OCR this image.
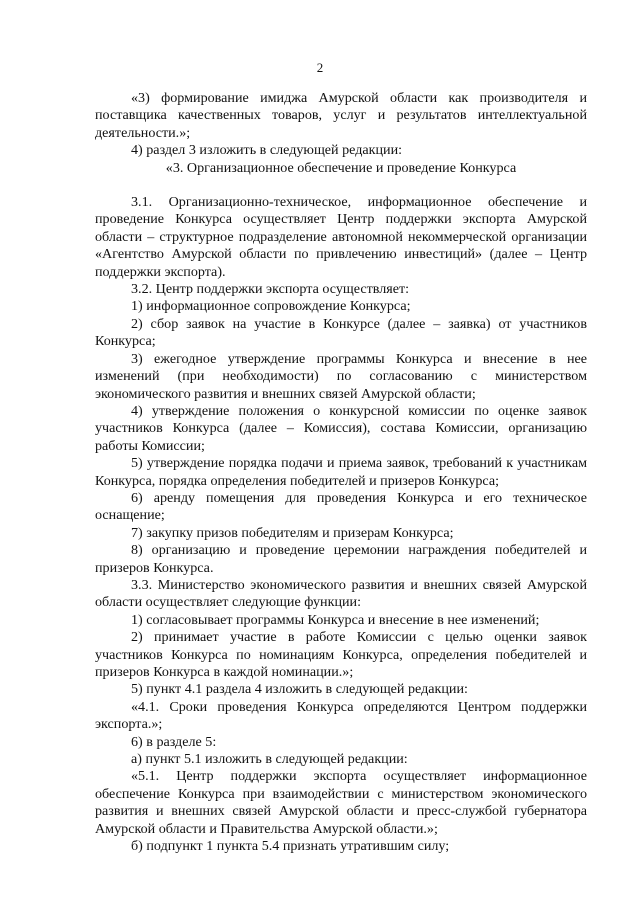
2

«3) формирование имиджа Амурской области как производителя и поставщика качественных товаров, услуг и результатов интеллектуальной деятельности.»;

4) раздел 3 изложить в следующей редакции:

«3. Организационное обеспечение и проведение Конкурса

3.1. Организационно-техническое, информационное обеспечение и проведение Конкурса осуществляет Центр поддержки экспорта Амурской области – структурное подразделение автономной некоммерческой организации «Агентство Амурской области по привлечению инвестиций» (далее – Центр поддержки экспорта).

3.2. Центр поддержки экспорта осуществляет:

1) информационное сопровождение Конкурса;

2) сбор заявок на участие в Конкурсе (далее – заявка) от участников Конкурса;

3) ежегодное утверждение программы Конкурса и внесение в нее изменений (при необходимости) по согласованию с министерством экономического развития и внешних связей Амурской области;

4) утверждение положения о конкурсной комиссии по оценке заявок участников Конкурса (далее – Комиссия), состава Комиссии, организацию работы Комиссии;

5) утверждение порядка подачи и приема заявок, требований к участникам Конкурса, порядка определения победителей и призеров Конкурса;

6) аренду помещения для проведения Конкурса и его техническое оснащение;

7) закупку призов победителям и призерам Конкурса;

8) организацию и проведение церемонии награждения победителей и призеров Конкурса.

3.3. Министерство экономического развития и внешних связей Амурской области осуществляет следующие функции:

1) согласовывает программы Конкурса и внесение в нее изменений;

2) принимает участие в работе Комиссии с целью оценки заявок участников Конкурса по номинациям Конкурса, определения победителей и призеров Конкурса в каждой номинации.»;

5) пункт 4.1 раздела 4 изложить в следующей редакции:

«4.1. Сроки проведения Конкурса определяются Центром поддержки экспорта.»;

6) в разделе 5:

а) пункт 5.1 изложить в следующей редакции:

«5.1. Центр поддержки экспорта осуществляет информационное обеспечение Конкурса при взаимодействии с министерством экономического развития и внешних связей Амурской области и пресс-службой губернатора Амурской области и Правительства Амурской области.»;

б) подпункт 1 пункта 5.4 признать утратившим силу;
